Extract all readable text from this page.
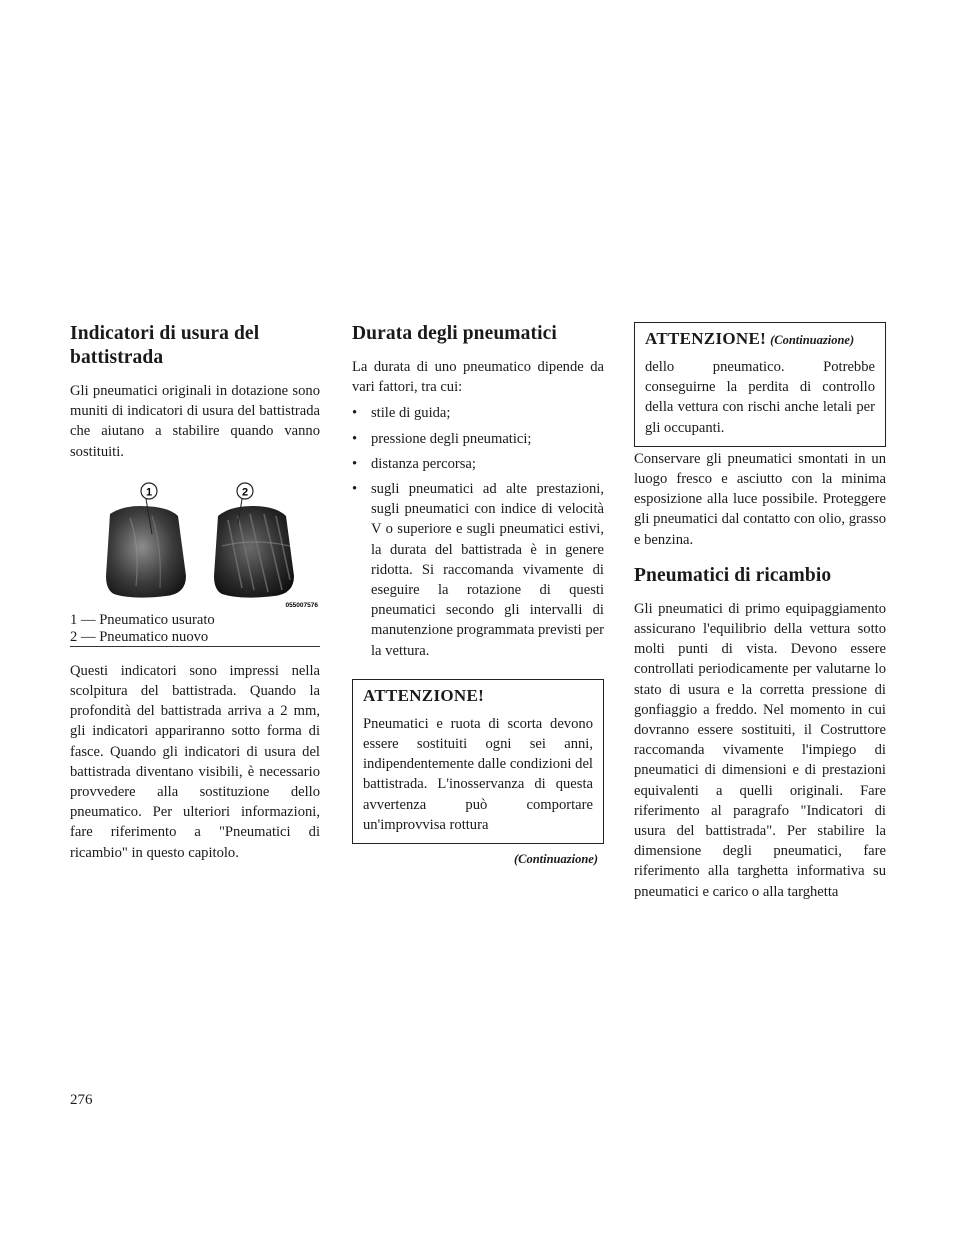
Indicatori di usura del battistrada

Gli pneumatici originali in dotazione sono muniti di indicatori di usura del battistrada che aiutano a stabilire quando vanno sostituiti.

1	2
055007576

1 — Pneumatico usurato

2 — Pneumatico nuovo

Questi indicatori sono impressi nella scolpitura del battistrada. Quando la profondità del battistrada arriva a 2 mm, gli indicatori appariranno sotto forma di fasce. Quando gli indicatori di usura del battistrada diventano visibili, è necessario provvedere alla sostituzione dello pneumatico. Per ulteriori informazioni, fare riferimento a "Pneumatici di ricambio" in questo capitolo.

Durata degli pneumatici

La durata di uno pneumatico dipende da vari fattori, tra cui:

• stile di guida;
• pressione degli pneumatici;
• distanza percorsa;
• sugli pneumatici ad alte prestazioni, sugli pneumatici con indice di velocità V o superiore e sugli pneumatici estivi, la durata del battistrada è in genere ridotta. Si raccomanda vivamente di eseguire la rotazione di questi pneumatici secondo gli intervalli di manutenzione programmata previsti per la vettura.

ATTENZIONE!

Pneumatici e ruota di scorta devono essere sostituiti ogni sei anni, indipendentemente dalle condizioni del battistrada. L'inosservanza di questa avvertenza può comportare un'improvvisa rottura

(Continuazione)

ATTENZIONE! (Continuazione)

dello pneumatico. Potrebbe conseguirne la perdita di controllo della vettura con rischi anche letali per gli occupanti.

Conservare gli pneumatici smontati in un luogo fresco e asciutto con la minima esposizione alla luce possibile. Proteggere gli pneumatici dal contatto con olio, grasso e benzina.

Pneumatici di ricambio

Gli pneumatici di primo equipaggiamento assicurano l'equilibrio della vettura sotto molti punti di vista. Devono essere controllati periodicamente per valutarne lo stato di usura e la corretta pressione di gonfiaggio a freddo. Nel momento in cui dovranno essere sostituiti, il Costruttore raccomanda vivamente l'impiego di pneumatici di dimensioni e di prestazioni equivalenti a quelli originali. Fare riferimento al paragrafo "Indicatori di usura del battistrada". Per stabilire la dimensione degli pneumatici, fare riferimento alla targhetta informativa su pneumatici e carico o alla targhetta

276
